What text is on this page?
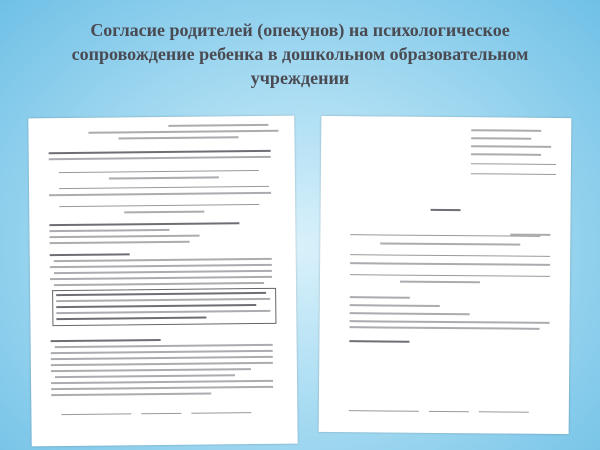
Согласие родителей (опекунов) на психологическое
сопровождение ребенка в дошкольном образовательном
учреждении
